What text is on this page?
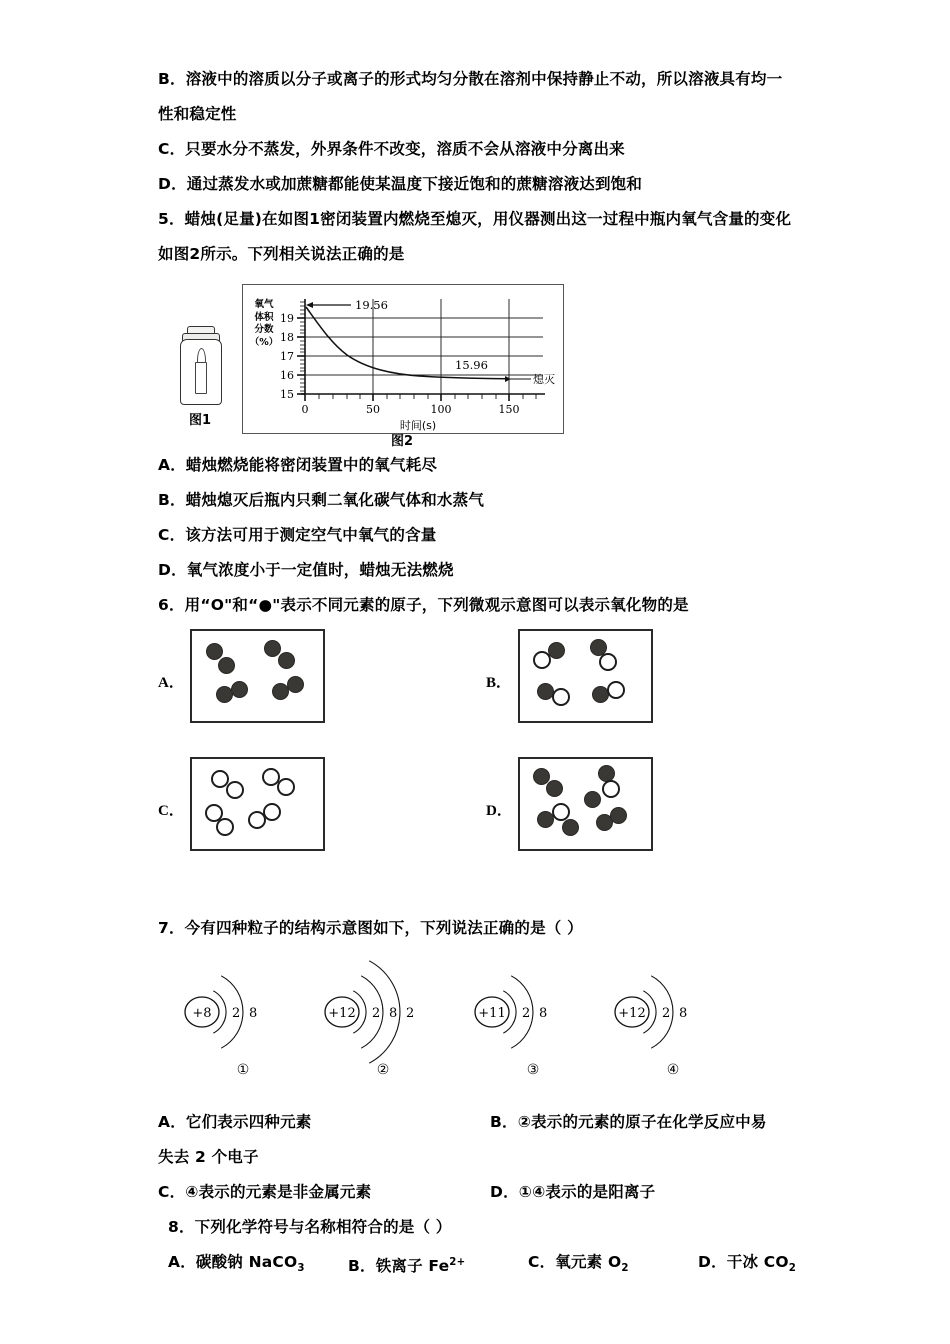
B．溶液中的溶质以分子或离子的形式均匀分散在溶剂中保持静止不动，所以溶液具有均一性和稳定性
C．只要水分不蒸发，外界条件不改变，溶质不会从溶液中分离出来
D．通过蒸发水或加蔗糖都能使某温度下接近饱和的蔗糖溶液达到饱和
5．蜡烛(足量)在如图1密闭装置内燃烧至熄灭，用仪器测出这一过程中瓶内氧气含量的变化如图2所示。下列相关说法正确的是
图1
氧气
体积
分数
（%）
19
18
17
16
15
0	50	100	150
时间(s)
19.56
15.96
熄灭
图2
A．蜡烛燃烧能将密闭装置中的氧气耗尽
B．蜡烛熄灭后瓶内只剩二氧化碳气体和水蒸气
C．该方法可用于测定空气中氧气的含量
D．氧气浓度小于一定值时，蜡烛无法燃烧
6．用“O"和“●"表示不同元素的原子，下列微观示意图可以表示氧化物的是
A．	B．
C．	D．
7．今有四种粒子的结构示意图如下，下列说法正确的是（ ）
+8 2 8
①
+12 2 8 2
②
+11 2 8
③
+12 2 8
④
A．它们表示四种元素	B．②表示的元素的原子在化学反应中易
失去 2 个电子
C．④表示的元素是非金属元素	D．①④表示的是阳离子
8．下列化学符号与名称相符合的是（ ）
A．碳酸钠 NaCO$_3$	B．铁离子 $Fe^{2+}$	C．氧元素 $O_2$	D．干冰 $CO_2$
